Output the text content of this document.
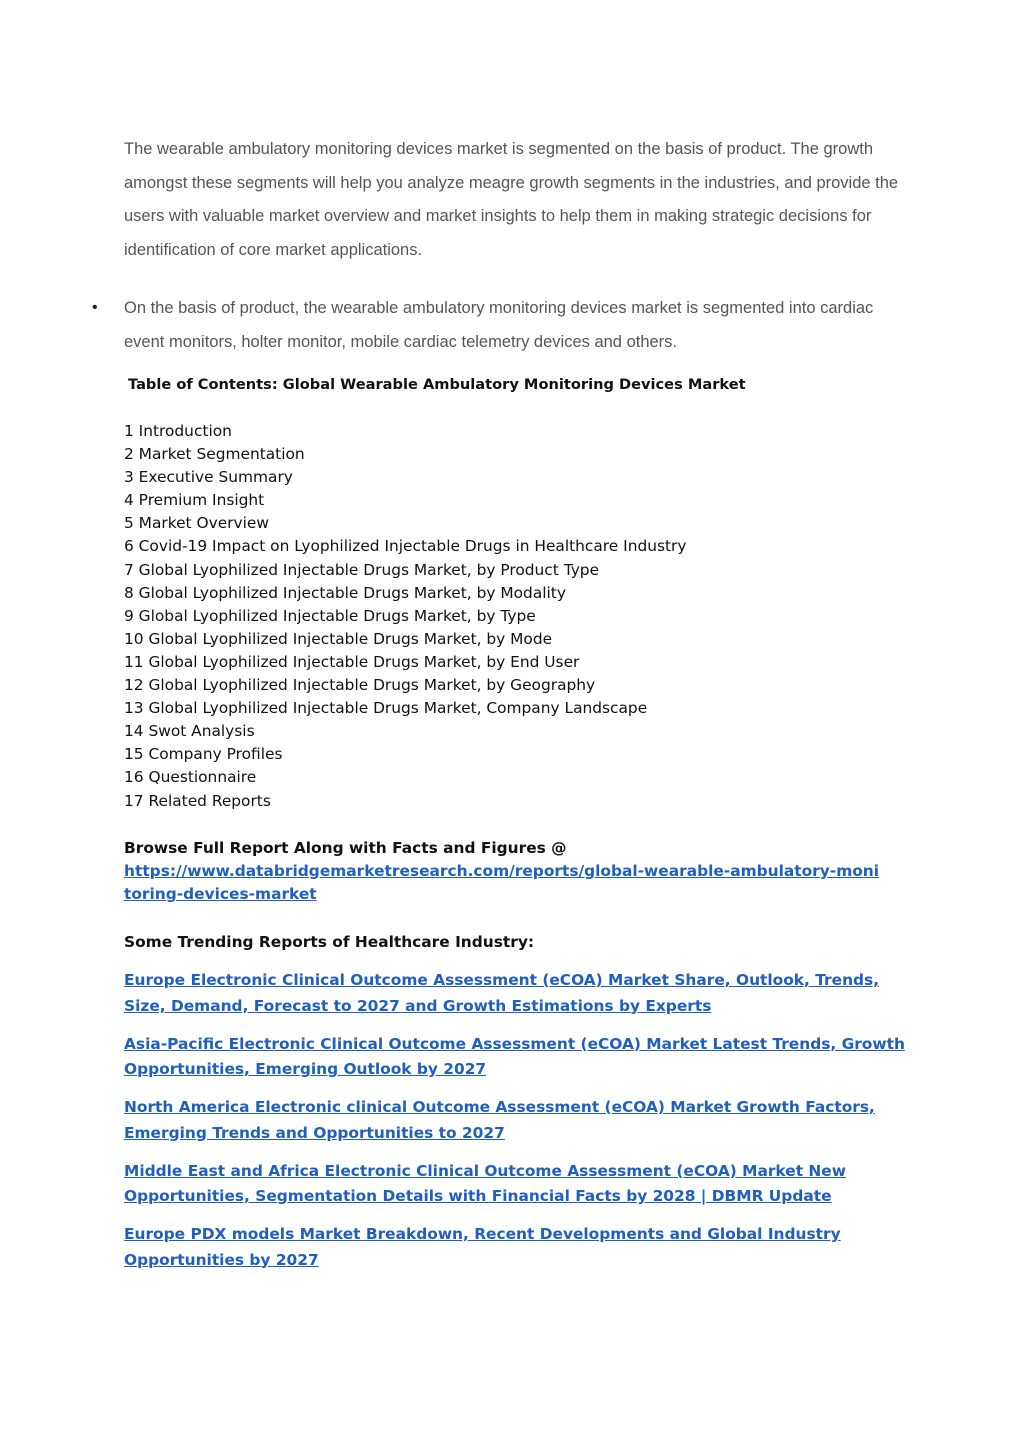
The wearable ambulatory monitoring devices market is segmented on the basis of product. The growth amongst these segments will help you analyze meagre growth segments in the industries, and provide the users with valuable market overview and market insights to help them in making strategic decisions for identification of core market applications.

• On the basis of product, the wearable ambulatory monitoring devices market is segmented into cardiac event monitors, holter monitor, mobile cardiac telemetry devices and others.

Table of Contents: Global Wearable Ambulatory Monitoring Devices Market
1 Introduction
2 Market Segmentation
3 Executive Summary
4 Premium Insight
5 Market Overview
6 Covid-19 Impact on Lyophilized Injectable Drugs in Healthcare Industry
7 Global Lyophilized Injectable Drugs Market, by Product Type
8 Global Lyophilized Injectable Drugs Market, by Modality
9 Global Lyophilized Injectable Drugs Market, by Type
10 Global Lyophilized Injectable Drugs Market, by Mode
11 Global Lyophilized Injectable Drugs Market, by End User
12 Global Lyophilized Injectable Drugs Market, by Geography
13 Global Lyophilized Injectable Drugs Market, Company Landscape
14 Swot Analysis
15 Company Profiles
16 Questionnaire
17 Related Reports

Browse Full Report Along with Facts and Figures @

https://www.databridgemarketresearch.com/reports/global-wearable-ambulatory-monitoring-devices-market
Some Trending Reports of Healthcare Industry:
Europe Electronic Clinical Outcome Assessment (eCOA) Market Share, Outlook, Trends, Size, Demand, Forecast to 2027 and Growth Estimations by Experts
Asia-Pacific Electronic Clinical Outcome Assessment (eCOA) Market Latest Trends, Growth Opportunities, Emerging Outlook by 2027
North America Electronic clinical Outcome Assessment (eCOA) Market Growth Factors, Emerging Trends and Opportunities to 2027
Middle East and Africa Electronic Clinical Outcome Assessment (eCOA) Market New Opportunities, Segmentation Details with Financial Facts by 2028 | DBMR Update
Europe PDX models Market Breakdown, Recent Developments and Global Industry Opportunities by 2027
